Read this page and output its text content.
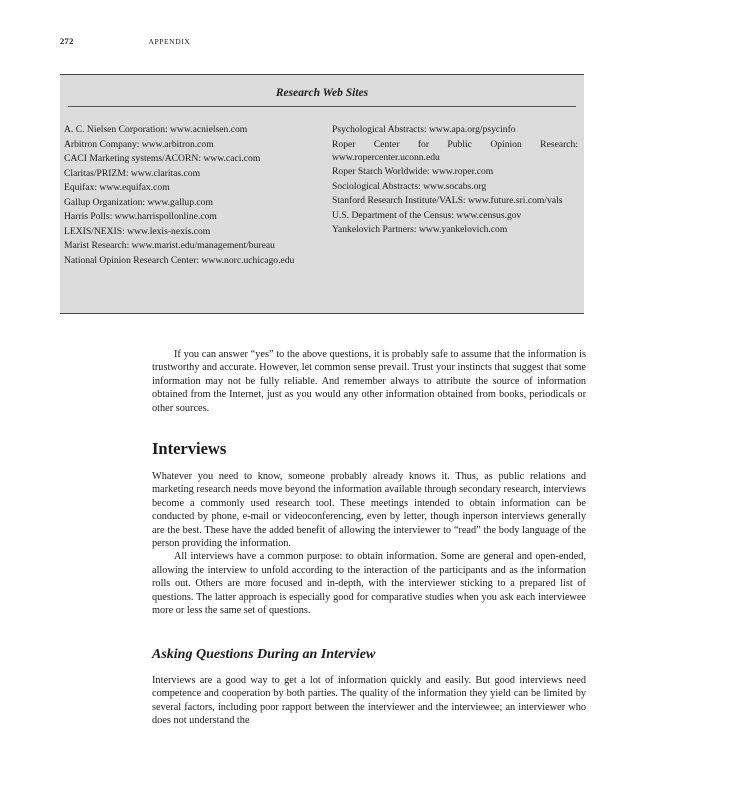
272	APPENDIX
Research Web Sites
A. C. Nielsen Corporation: www.acnielsen.com
Arbitron Company: www.arbitron.com
CACI Marketing systems/ACORN: www.caci.com
Claritas/PRIZM: www.claritas.com
Equifax: www.equifax.com
Gallup Organization: www.gallup.com
Harris Polls: www.harrispollonline.com
LEXIS/NEXIS: www.lexis-nexis.com
Marist Research: www.marist.edu/management/bureau
National Opinion Research Center: www.norc.uchicago.edu
Psychological Abstracts: www.apa.org/psycinfo
Roper Center for Public Opinion Research: www.ropercenter.uconn.edu
Roper Starch Worldwide: www.roper.com
Sociological Abstracts: www.socabs.org
Stanford Research Institute/VALS: www.future.sri.com/vals
U.S. Department of the Census: www.census.gov
Yankelovich Partners: www.yankelovich.com

If you can answer “yes” to the above questions, it is probably safe to assume that the information is trustworthy and accurate. However, let common sense prevail. Trust your instincts that suggest that some information may not be fully reliable. And remember always to attribute the source of information obtained from the Internet, just as you would any other information obtained from books, periodicals or other sources.

Interviews

Whatever you need to know, someone probably already knows it. Thus, as public relations and marketing research needs move beyond the information available through secondary research, interviews become a commonly used research tool. These meetings intended to obtain information can be conducted by phone, e-mail or videoconferencing, even by letter, though inperson interviews generally are the best. These have the added benefit of allowing the interviewer to “read” the body language of the person providing the information.

All interviews have a common purpose: to obtain information. Some are general and open-ended, allowing the interview to unfold according to the interaction of the participants and as the information rolls out. Others are more focused and in-depth, with the interviewer sticking to a prepared list of questions. The latter approach is especially good for comparative studies when you ask each interviewee more or less the same set of questions.

Asking Questions During an Interview

Interviews are a good way to get a lot of information quickly and easily. But good interviews need competence and cooperation by both parties. The quality of the information they yield can be limited by several factors, including poor rapport between the interviewer and the interviewee; an interviewer who does not understand the
